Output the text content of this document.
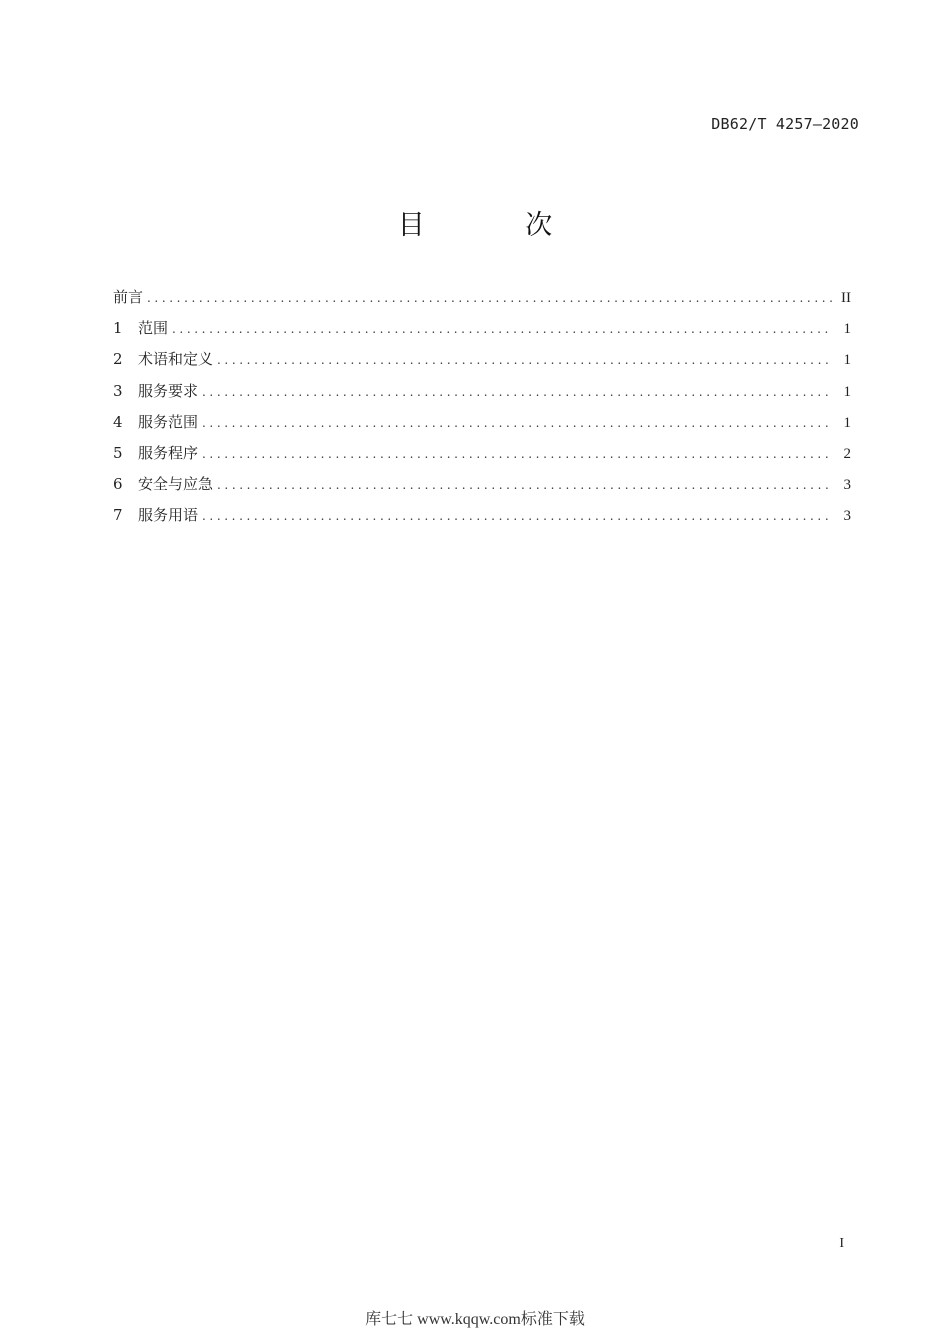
DB62/T 4257—2020
目 次
前言 .....	II
1	范围 .....	1
2	术语和定义 .....	1
3	服务要求 .....	1
4	服务范围 .....	1
5	服务程序 .....	2
6	安全与应急 .....	3
7	服务用语 .....	3
I
库七七 www.kqqw.com标准下载
